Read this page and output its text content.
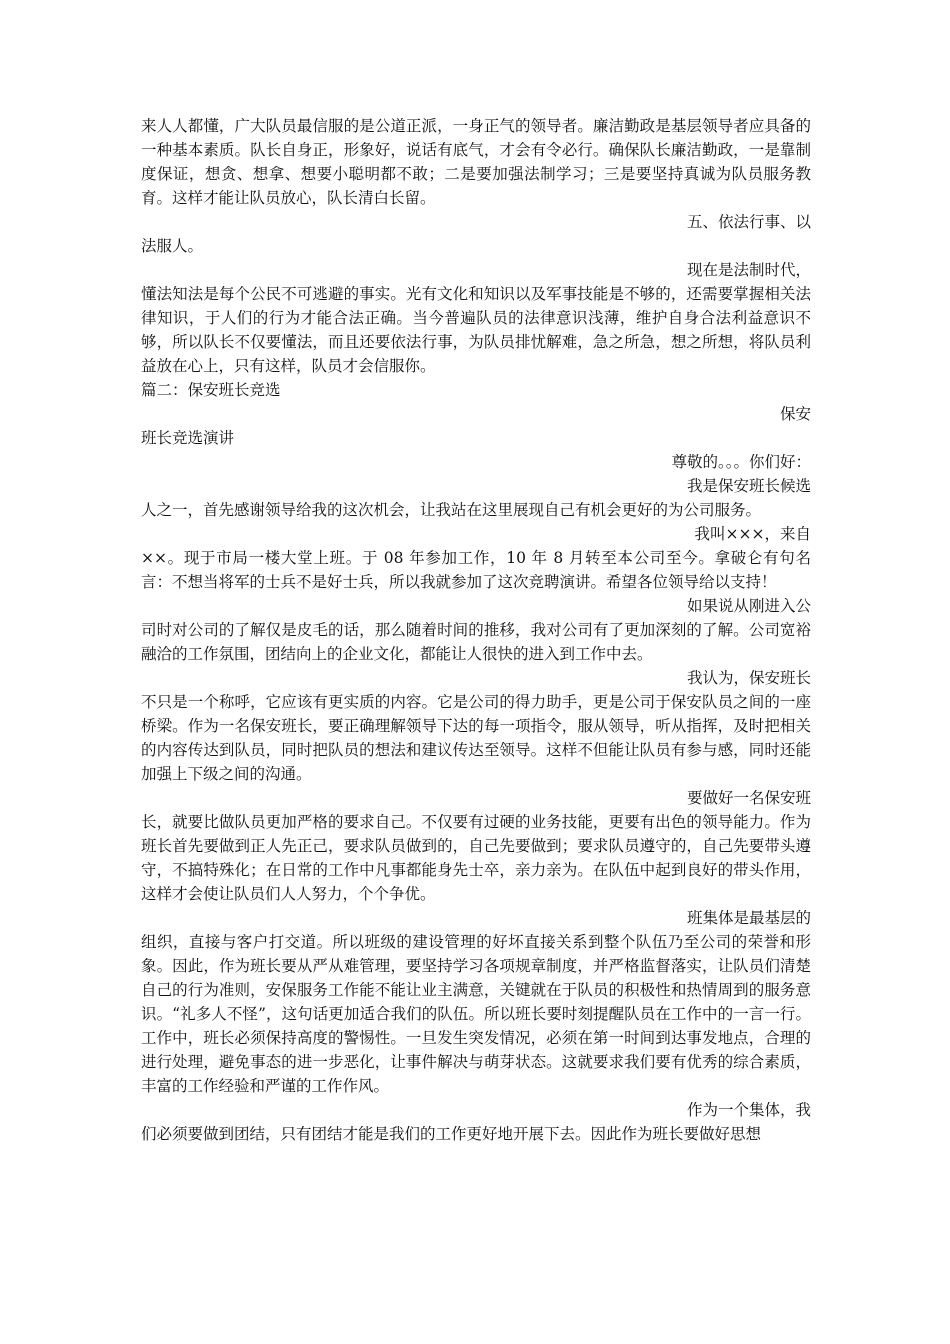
来人人都懂，广大队员最信服的是公道正派，一身正气的领导者。廉洁勤政是基层领导者应具备的一种基本素质。队长自身正，形象好，说话有底气，才会有令必行。确保队长廉洁勤政，一是靠制度保证，想贪、想拿、想要小聪明都不敢；二是要加强法制学习；三是要坚持真诚为队员服务教育。这样才能让队员放心，队长清白长留。

五、依法行事、以
法服人。

现在是法制时代，
懂法知法是每个公民不可逃避的事实。光有文化和知识以及军事技能是不够的，还需要掌握相关法律知识，于人们的行为才能合法正确。当今普遍队员的法律意识浅薄，维护自身合法利益意识不够，所以队长不仅要懂法，而且还要依法行事，为队员排忧解难，急之所急，想之所想，将队员利益放在心上，只有这样，队员才会信服你。

篇二：保安班长竞选

保安
班长竞选演讲

尊敬的。。。你们好：

我是保安班长候选
人之一，首先感谢领导给我的这次机会，让我站在这里展现自己有机会更好的为公司服务。

我叫×××，来自
××。现于市局一楼大堂上班。于 08 年参加工作，10 年 8 月转至本公司至今。拿破仑有句名言：不想当将军的士兵不是好士兵，所以我就参加了这次竞聘演讲。希望各位领导给以支持！

如果说从刚进入公
司时对公司的了解仅是皮毛的话，那么随着时间的推移，我对公司有了更加深刻的了解。公司宽裕融洽的工作氛围，团结向上的企业文化，都能让人很快的进入到工作中去。

我认为，保安班长
不只是一个称呼，它应该有更实质的内容。它是公司的得力助手，更是公司于保安队员之间的一座桥梁。作为一名保安班长，要正确理解领导下达的每一项指令，服从领导，听从指挥，及时把相关的内容传达到队员，同时把队员的想法和建议传达至领导。这样不但能让队员有参与感，同时还能加强上下级之间的沟通。

要做好一名保安班
长，就要比做队员更加严格的要求自己。不仅要有过硬的业务技能，更要有出色的领导能力。作为班长首先要做到正人先正己，要求队员做到的，自己先要做到；要求队员遵守的，自己先要带头遵守，不搞特殊化；在日常的工作中凡事都能身先士卒，亲力亲为。在队伍中起到良好的带头作用，这样才会使让队员们人人努力，个个争优。

班集体是最基层的
组织，直接与客户打交道。所以班级的建设管理的好坏直接关系到整个队伍乃至公司的荣誉和形象。因此，作为班长要从严从难管理，要坚持学习各项规章制度，并严格监督落实，让队员们清楚自己的行为准则，安保服务工作能不能让业主满意，关键就在于队员的积极性和热情周到的服务意识。“礼多人不怪”，这句话更加适合我们的队伍。所以班长要时刻提醒队员在工作中的一言一行。 工作中，班长必须保持高度的警惕性。一旦发生突发情况，必须在第一时间到达事发地点，合理的进行处理，避免事态的进一步恶化，让事件解决与萌芽状态。这就要求我们要有优秀的综合素质，丰富的工作经验和严谨的工作作风。

作为一个集体，我
们必须要做到团结，只有团结才能是我们的工作更好地开展下去。因此作为班长要做好思想
